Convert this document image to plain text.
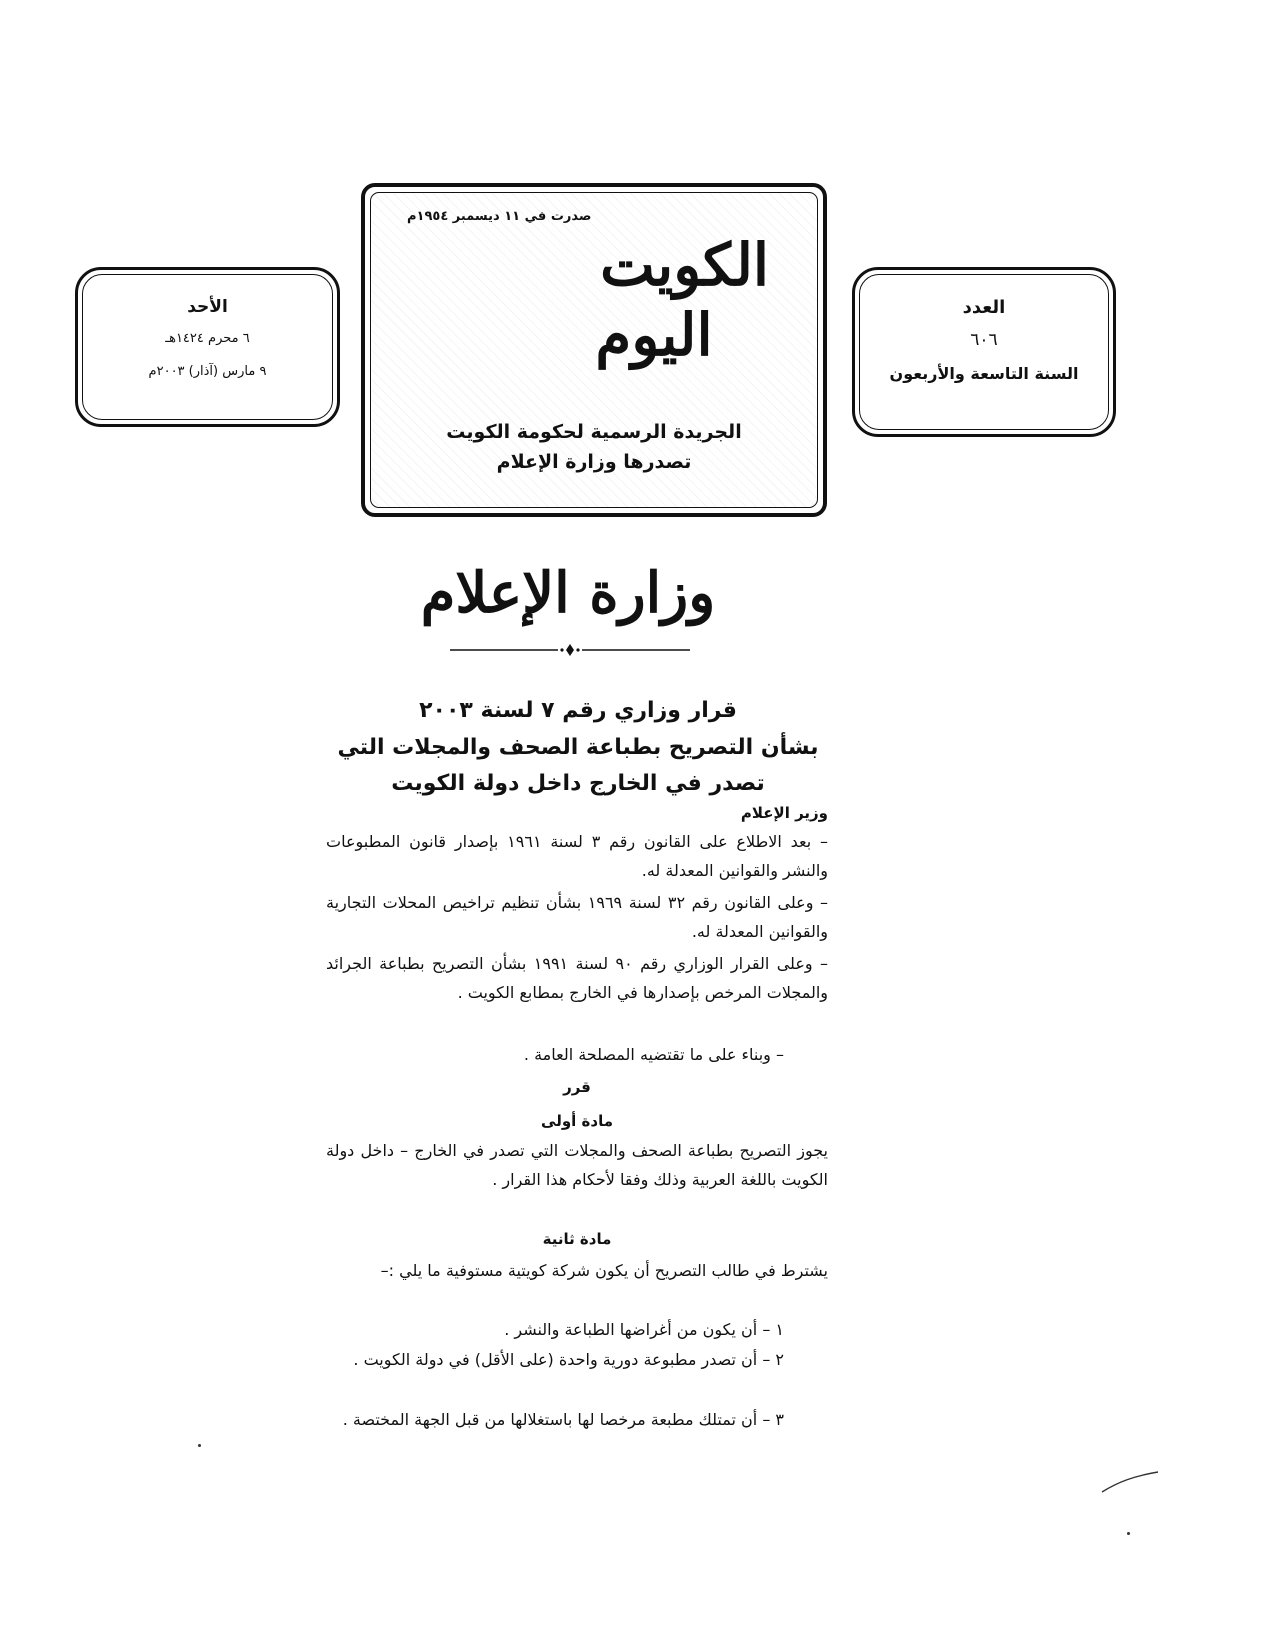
العدد
٦٠٦
السنة التاسعة والأربعون
الأحد
٦ محرم ١٤٢٤هـ
٩ مارس (آذار) ٢٠٠٣م
صدرت في ١١ ديسمبر ١٩٥٤م
الكويت
اليوم
الجريدة الرسمية لحكومة الكويت
تصدرها وزارة الإعلام
وزارة الإعلام
قرار وزاري رقم ٧ لسنة ٢٠٠٣
بشأن التصريح بطباعة الصحف والمجلات التي
تصدر في الخارج داخل دولة الكويت
وزير الإعلام
– بعد الاطلاع على القانون رقم ٣ لسنة ١٩٦١ بإصدار قانون المطبوعات والنشر والقوانين المعدلة له.
– وعلى القانون رقم ٣٢ لسنة ١٩٦٩ بشأن تنظيم تراخيص المحلات التجارية والقوانين المعدلة له.
– وعلى القرار الوزاري رقم ٩٠ لسنة ١٩٩١ بشأن التصريح بطباعة الجرائد والمجلات المرخص بإصدارها في الخارج بمطابع الكويت .
– وبناء على ما تقتضيه المصلحة العامة .
قرر
مادة أولى
يجوز التصريح بطباعة الصحف والمجلات التي تصدر في الخارج – داخل دولة الكويت باللغة العربية وذلك وفقا لأحكام هذا القرار .
مادة ثانية
يشترط في طالب التصريح أن يكون شركة كويتية مستوفية ما يلي :–
١ – أن يكون من أغراضها الطباعة والنشر .
٢ – أن تصدر مطبوعة دورية واحدة (على الأقل) في دولة الكويت .
٣ – أن تمتلك مطبعة مرخصا لها باستغلالها من قبل الجهة المختصة .
